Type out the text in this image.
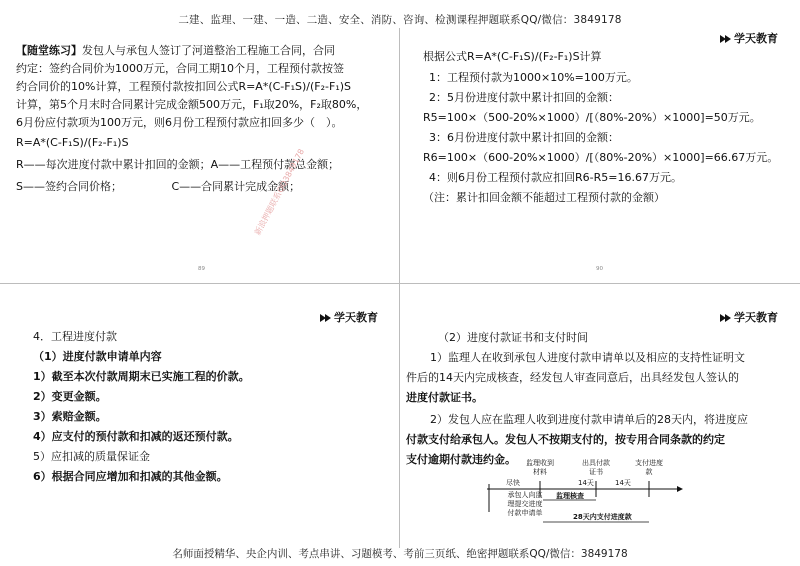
二建、监理、一建、一造、二造、安全、消防、咨询、检测课程押题联系QQ/微信：3849178
【随堂练习】发包人与承包人签订了河道整治工程施工合同，合同
约定：签约合同价为1000万元，合同工期10个月，工程预付款按签
约合同价的10%计算，工程预付款按扣回公式R=A*(C-F₁S)/(F₂-F₁)S
计算，第5个月末时合同累计完成金额500万元，F₁取20%，F₂取80%，
6月份应付款项为100万元，则6月份工程预付款应扣回多少（　）。
R=A*(C-F₁S)/(F₂-F₁)S
R——每次进度付款中累计扣回的金额；A——工程预付款总金额；
S——签约合同价格；　　　　　C——合同累计完成金额；
新浪押题联系QQ3849178
89
学天教育
根据公式R=A*(C-F₁S)/(F₂-F₁)S计算
1：工程预付款为1000×10%=100万元。
2：5月份进度付款中累计扣回的金额：
R5=100×（500-20%×1000）/[（80%-20%）×1000]=50万元。
3：6月份进度付款中累计扣回的金额：
R6=100×（600-20%×1000）/[（80%-20%）×1000]=66.67万元。
4：则6月份工程预付款应扣回R6-R5=16.67万元。
（注：累计扣回金额不能超过工程预付款的金额）
90
学天教育
4．工程进度付款
（1）进度付款申请单内容
1）截至本次付款周期末已实施工程的价款。
2）变更金额。
3）索赔金额。
4）应支付的预付款和扣减的返还预付款。
5）应扣减的质量保证金
6）根据合同应增加和扣减的其他金额。
学天教育
（2）进度付款证书和支付时间
1）监理人在收到承包人进度付款申请单以及相应的支持性证明文
件后的14天内完成核查，经发包人审查同意后，出具经发包人签认的
进度付款证书。
2）发包人应在监理人收到进度付款申请单后的28天内，将进度应
付款支付给承包人。发包人不按期支付的，按专用合同条款的约定
支付逾期付款违约金。 监理收到材料
出具付款证书
支付进度款
尽快	14天	14天
承包人向监理提交进度付款申请单
监理核查
28天内支付进度款
名师面授精华、央企内训、考点串讲、习题模考、考前三页纸、绝密押题联系QQ/微信：3849178
